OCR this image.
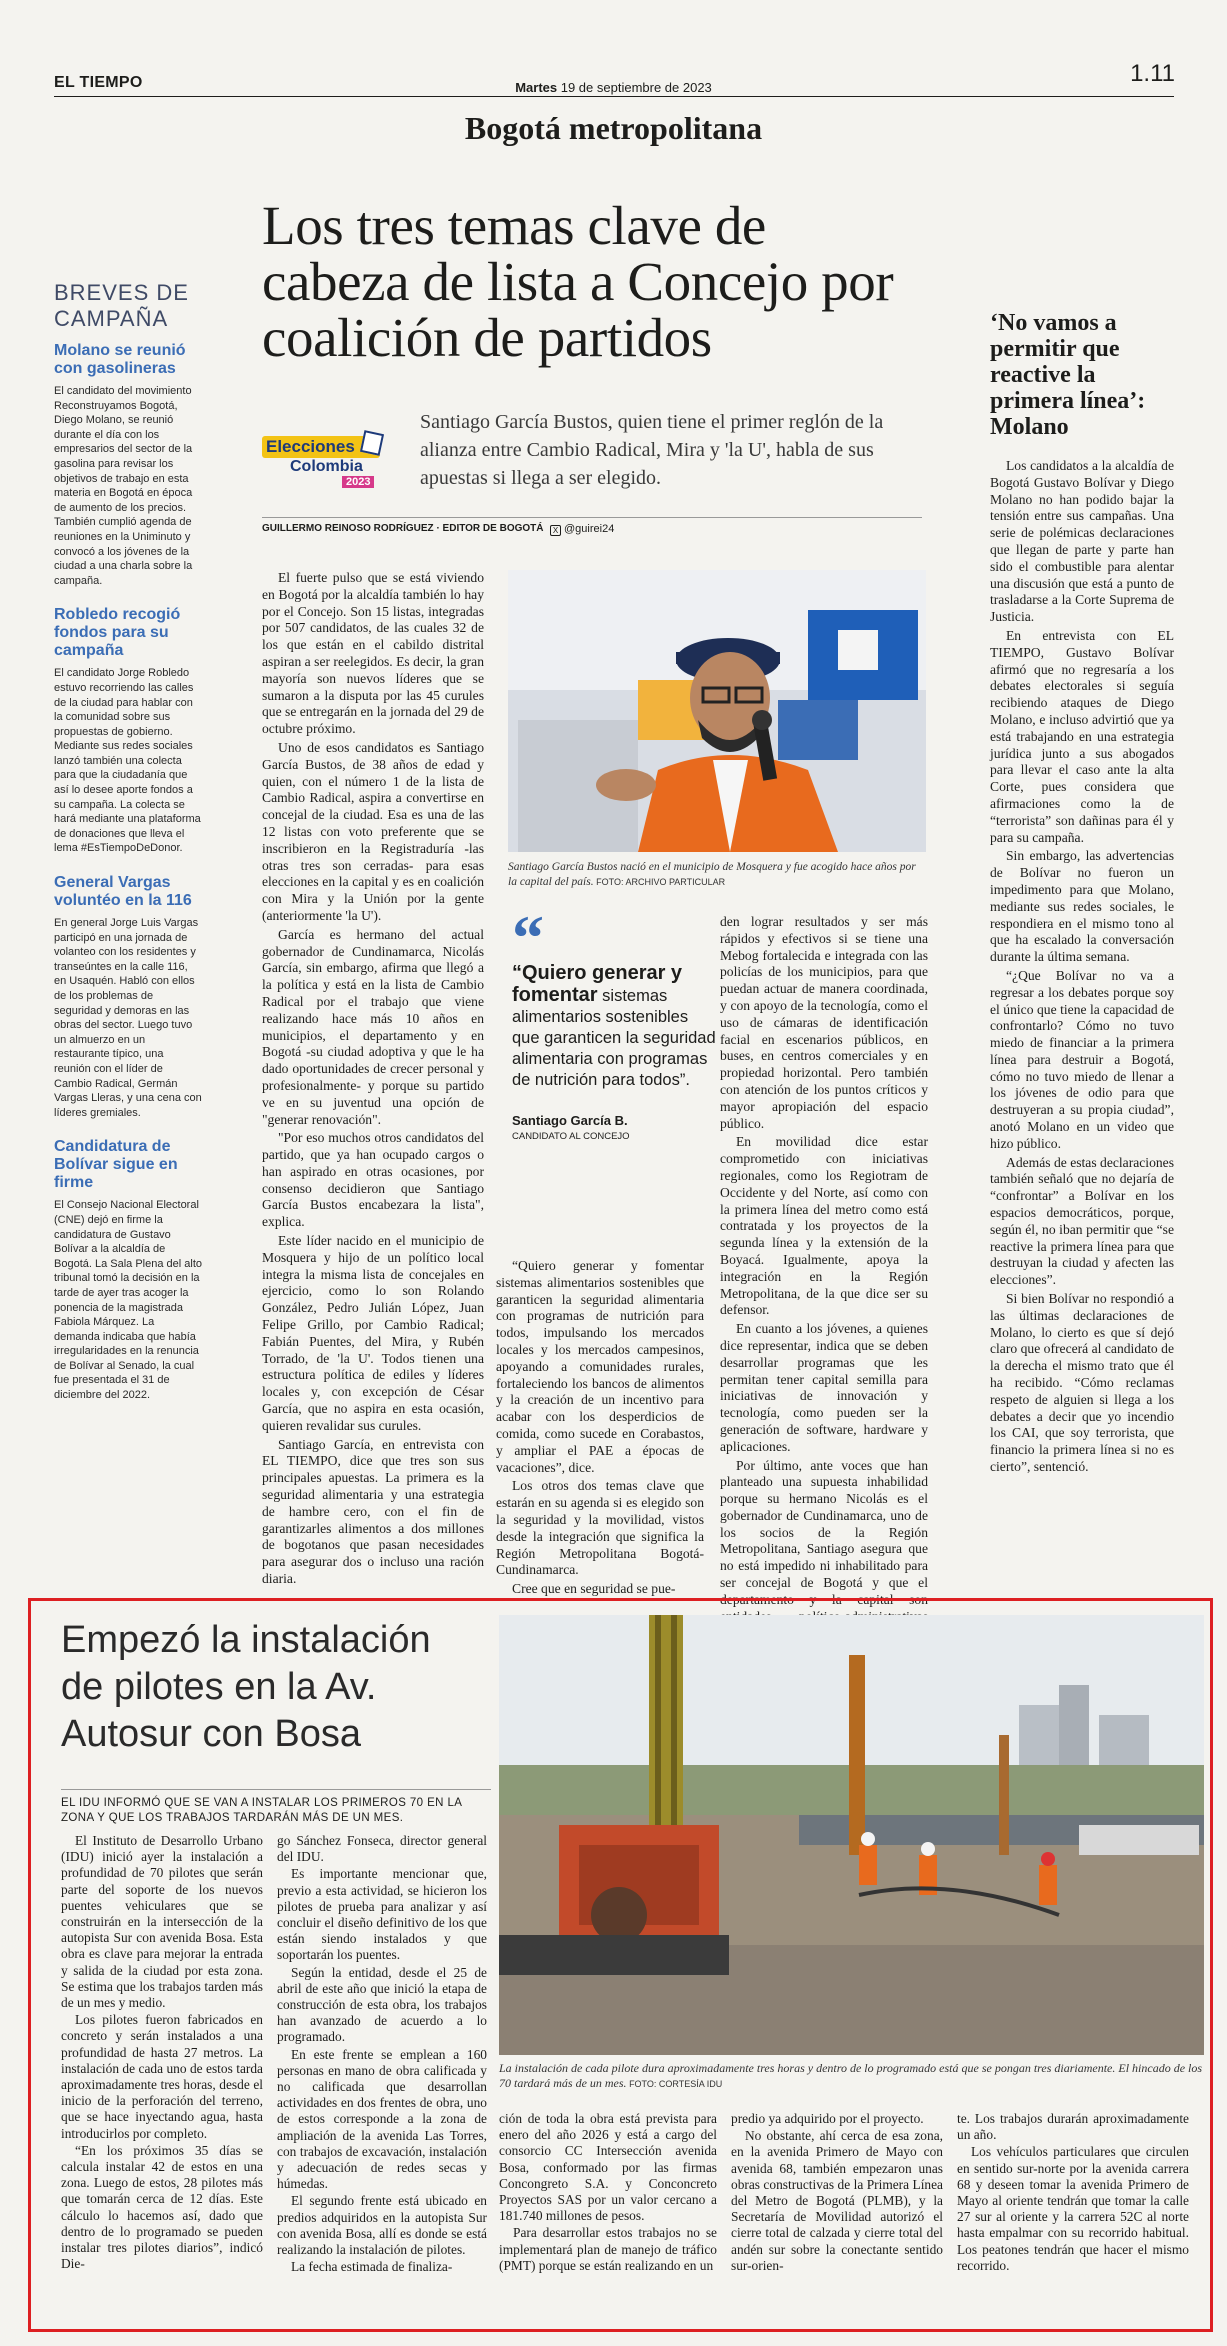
EL TIEMPO	Martes 19 de septiembre de 2023
1.11
Bogotá metropolitana
BREVES DE
CAMPAÑA
Molano se reunió con gasolineras

El candidato del movimiento Reconstruyamos Bogotá, Diego Molano, se reunió durante el día con los empresarios del sector de la gasolina para revisar los objetivos de trabajo en esta materia en Bogotá en época de aumento de los precios. También cumplió agenda de reuniones en la Uniminuto y convocó a los jóvenes de la ciudad a una charla sobre la campaña.

Robledo recogió fondos para su campaña

El candidato Jorge Robledo estuvo recorriendo las calles de la ciudad para hablar con la comunidad sobre sus propuestas de gobierno. Mediante sus redes sociales lanzó también una colecta para que la ciudadanía que así lo desee aporte fondos a su campaña. La colecta se hará mediante una plataforma de donaciones que lleva el lema #EsTiempoDeDonor.

General Vargas voluntéo en la 116

En general Jorge Luis Vargas participó en una jornada de volanteo con los residentes y transeúntes en la calle 116, en Usaquén. Habló con ellos de los problemas de seguridad y demoras en las obras del sector. Luego tuvo un almuerzo en un restaurante típico, una reunión con el líder de Cambio Radical, Germán Vargas Lleras, y una cena con líderes gremiales.

Candidatura de Bolívar sigue en firme

El Consejo Nacional Electoral (CNE) dejó en firme la candidatura de Gustavo Bolívar a la alcaldía de Bogotá. La Sala Plena del alto tribunal tomó la decisión en la tarde de ayer tras acoger la ponencia de la magistrada Fabiola Márquez. La demanda indicaba que había irregularidades en la renuncia de Bolívar al Senado, la cual fue presentada el 31 de diciembre del 2022.

Los tres temas clave de cabeza de lista a Concejo por coalición de partidos
Elecciones
Colombia
2023
Santiago García Bustos, quien tiene el primer reglón de la alianza entre Cambio Radical, Mira y 'la U', habla de sus apuestas si llega a ser elegido.
GUILLERMO REINOSO RODRÍGUEZ · EDITOR DE BOGOTÁ	X @guirei24

El fuerte pulso que se está viviendo en Bogotá por la alcaldía también lo hay por el Concejo. Son 15 listas, integradas por 507 candidatos, de las cuales 32 de los que están en el cabildo distrital aspiran a ser reelegidos. Es decir, la gran mayoría son nuevos líderes que se sumaron a la disputa por las 45 curules que se entregarán en la jornada del 29 de octubre próximo.

Uno de esos candidatos es Santiago García Bustos, de 38 años de edad y quien, con el número 1 de la lista de Cambio Radical, aspira a convertirse en concejal de la ciudad. Esa es una de las 12 listas con voto preferente que se inscribieron en la Registraduría -las otras tres son cerradas- para esas elecciones en la capital y es en coalición con Mira y la Unión por la gente (anteriormente 'la U').

García es hermano del actual gobernador de Cundinamarca, Nicolás García, sin embargo, afirma que llegó a la política y está en la lista de Cambio Radical por el trabajo que viene realizando hace más 10 años en municipios, el departamento y en Bogotá -su ciudad adoptiva y que le ha dado oportunidades de crecer personal y profesionalmente- y porque su partido ve en su juventud una opción de "generar renovación".

"Por eso muchos otros candidatos del partido, que ya han ocupado cargos o han aspirado en otras ocasiones, por consenso decidieron que Santiago García Bustos encabezara la lista", explica.

Este líder nacido en el municipio de Mosquera y hijo de un político local integra la misma lista de concejales en ejercicio, como lo son Rolando González, Pedro Julián López, Juan Felipe Grillo, por Cambio Radical; Fabián Puentes, del Mira, y Rubén Torrado, de 'la U'. Todos tienen una estructura política de ediles y líderes locales y, con excepción de César García, que no aspira en esta ocasión, quieren revalidar sus curules.

Santiago García, en entrevista con EL TIEMPO, dice que tres son sus principales apuestas. La primera es la seguridad alimentaria y una estrategia de hambre cero, con el fin de garantizarles alimentos a dos millones de bogotanos que pasan necesidades para asegurar dos o incluso una ración diaria.

Santiago García Bustos nació en el municipio de Mosquera y fue acogido hace años por la capital del país. FOTO: ARCHIVO PARTICULAR
“
“Quiero generar y fomentar sistemas alimentarios sostenibles que garanticen la seguridad alimentaria con programas de nutrición para todos”.
Santiago García B.
CANDIDATO AL CONCEJO

“Quiero generar y fomentar sistemas alimentarios sostenibles que garanticen la seguridad alimentaria con programas de nutrición para todos, impulsando los mercados locales y los mercados campesinos, apoyando a comunidades rurales, fortaleciendo los bancos de alimentos y la creación de un incentivo para acabar con los desperdicios de comida, como sucede en Corabastos, y ampliar el PAE a épocas de vacaciones”, dice.

Los otros dos temas clave que estarán en su agenda si es elegido son la seguridad y la movilidad, vistos desde la integración que significa la Región Metropolitana Bogotá-Cundinamarca.

Cree que en seguridad se pue-

den lograr resultados y ser más rápidos y efectivos si se tiene una Mebog fortalecida e integrada con las policías de los municipios, para que puedan actuar de manera coordinada, y con apoyo de la tecnología, como el uso de cámaras de identificación facial en escenarios públicos, en buses, en centros comerciales y en propiedad horizontal. Pero también con atención de los puntos críticos y mayor apropiación del espacio público.

En movilidad dice estar comprometido con iniciativas regionales, como los Regiotram de Occidente y del Norte, así como con la primera línea del metro como está contratada y los proyectos de la segunda línea y la extensión de la Boyacá. Igualmente, apoya la integración en la Región Metropolitana, de la que dice ser su defensor.

En cuanto a los jóvenes, a quienes dice representar, indica que se deben desarrollar programas que les permitan tener capital semilla para iniciativas de innovación y tecnología, como pueden ser la generación de software, hardware y aplicaciones.

Por último, ante voces que han planteado una supuesta inhabilidad porque su hermano Nicolás es el gobernador de Cundinamarca, uno de los socios de la Región Metropolitana, Santiago asegura que no está impedido ni inhabilitado para ser concejal de Bogotá y que el departamento y la capital son

‘No vamos a permitir que reactive la primera línea’: Molano

Los candidatos a la alcaldía de Bogotá Gustavo Bolívar y Diego Molano no han podido bajar la tensión entre sus campañas. Una serie de polémicas declaraciones que llegan de parte y parte han sido el combustible para alentar una discusión que está a punto de trasladarse a la Corte Suprema de Justicia.

En entrevista con EL TIEMPO, Gustavo Bolívar afirmó que no regresaría a los debates electorales si seguía recibiendo ataques de Diego Molano, e incluso advirtió que ya está trabajando en una estrategia jurídica junto a sus abogados para llevar el caso ante la alta Corte, pues considera que afirmaciones como la de “terrorista” son dañinas para él y para su campaña.

Sin embargo, las advertencias de Bolívar no fueron un impedimento para que Molano, mediante sus redes sociales, le respondiera en el mismo tono al que ha escalado la conversación durante la última semana.

“¿Que Bolívar no va a regresar a los debates porque soy el único que tiene la capacidad de confrontarlo? Cómo no tuvo miedo de financiar a la primera línea para destruir a Bogotá, cómo no tuvo miedo de llenar a los jóvenes de odio para que destruyeran a su propia ciudad”, anotó Molano en un video que hizo público.

Además de estas declaraciones también señaló que no dejaría de “confrontar” a Bolívar en los espacios democráticos, porque, según él, no iban permitir que “se reactive la primera línea para que destruyan la ciudad y afecten las elecciones”.

Si bien Bolívar no respondió a las últimas declaraciones de Molano, lo cierto es que sí dejó claro que ofrecerá al candidato de la derecha el mismo trato que él ha recibido. “Cómo reclamas respeto de alguien si llega a los debates a decir que yo incendio los CAI, que soy terrorista, que financio la primera línea si no es cierto”, sentenció.

Empezó la instalación de pilotes en la Av. Autosur con Bosa
EL IDU INFORMÓ QUE SE VAN A INSTALAR LOS PRIMEROS 70 EN LA ZONA Y QUE LOS TRABAJOS TARDARÁN MÁS DE UN MES.
La instalación de cada pilote dura aproximadamente tres horas y dentro de lo programado está que se pongan tres diariamente. El hincado de los 70 tardará más de un mes. FOTO: CORTESÍA IDU

El Instituto de Desarrollo Urbano (IDU) inició ayer la instalación a profundidad de 70 pilotes que serán parte del soporte de los nuevos puentes vehiculares que se construirán en la intersección de la autopista Sur con avenida Bosa. Esta obra es clave para mejorar la entrada y salida de la ciudad por esta zona. Se estima que los trabajos tarden más de un mes y medio.

Los pilotes fueron fabricados en concreto y serán instalados a una profundidad de hasta 27 metros. La instalación de cada uno de estos tarda aproximadamente tres horas, desde el inicio de la perforación del terreno, que se hace inyectando agua, hasta introducirlos por completo.

“En los próximos 35 días se calcula instalar 42 de estos en una zona. Luego de estos, 28 pilotes más que tomarán cerca de 12 días. Este cálculo lo hacemos así, dado que dentro de lo programado se pueden instalar tres pilotes diarios”, indicó Die-

go Sánchez Fonseca, director general del IDU.

Es importante mencionar que, previo a esta actividad, se hicieron los pilotes de prueba para analizar y así concluir el diseño definitivo de los que están siendo instalados y que soportarán los puentes.

Según la entidad, desde el 25 de abril de este año que inició la etapa de construcción de esta obra, los trabajos han avanzado de acuerdo a lo programado.

En este frente se emplean a 160 personas en mano de obra calificada y no calificada que desarrollan actividades en dos frentes de obra, uno de estos corresponde a la zona de ampliación de la avenida Las Torres, con trabajos de excavación, instalación y adecuación de redes secas y húmedas.

El segundo frente está ubicado en predios adquiridos en la autopista Sur con avenida Bosa, allí es donde se está realizando la instalación de pilotes.

La fecha estimada de finaliza-

ción de toda la obra está prevista para enero del año 2026 y está a cargo del consorcio CC Intersección avenida Bosa, conformado por las firmas Concongreto S.A. y Conconcreto Proyectos SAS por un valor cercano a 181.740 millones de pesos.

Para desarrollar estos trabajos no se implementará plan de manejo de tráfico (PMT) porque se están realizando en un

predio ya adquirido por el proyecto.

No obstante, ahí cerca de esa zona, en la avenida Primero de Mayo con avenida 68, también empezaron unas obras constructivas de la Primera Línea del Metro de Bogotá (PLMB), y la Secretaría de Movilidad autorizó el cierre total de calzada y cierre total del andén sur sobre la conectante sentido sur-orien-

te. Los trabajos durarán aproximadamente un año.

Los vehículos particulares que circulen en sentido sur-norte por la avenida carrera 68 y deseen tomar la avenida Primero de Mayo al oriente tendrán que tomar la calle 27 sur al oriente y la carrera 52C al norte hasta empalmar con su recorrido habitual. Los peatones tendrán que hacer el mismo recorrido.
